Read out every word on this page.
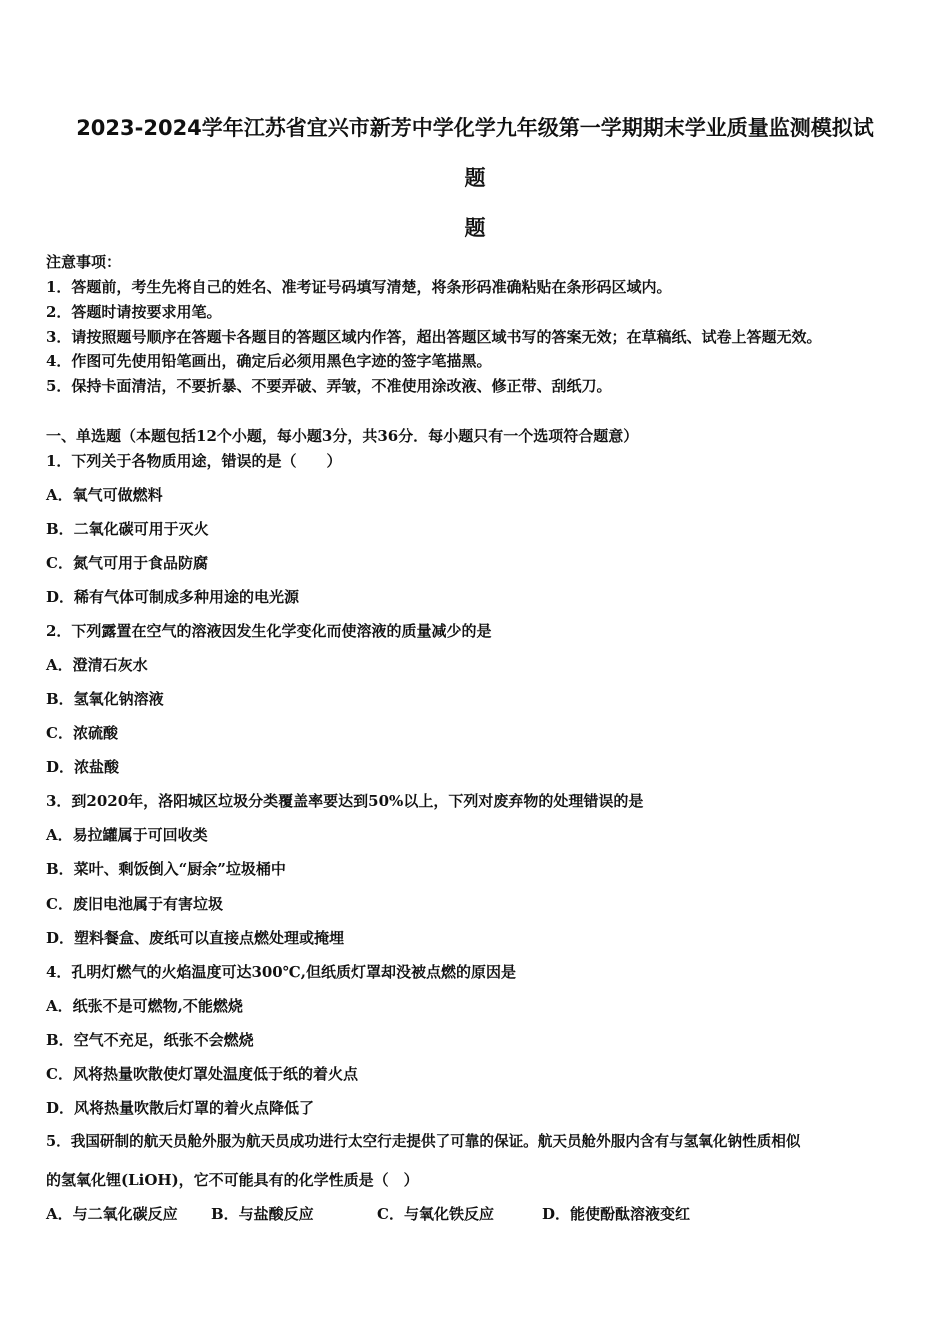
2023-2024学年江苏省宜兴市新芳中学化学九年级第一学期期末学业质量监测模拟试
题
题
注意事项：
1．答题前，考生先将自己的姓名、准考证号码填写清楚，将条形码准确粘贴在条形码区域内。
2．答题时请按要求用笔。
3．请按照题号顺序在答题卡各题目的答题区域内作答，超出答题区域书写的答案无效；在草稿纸、试卷上答题无效。
4．作图可先使用铅笔画出，确定后必须用黑色字迹的签字笔描黑。
5．保持卡面清洁，不要折暴、不要弄破、弄皱，不准使用涂改液、修正带、刮纸刀。
一、单选题（本题包括12个小题，每小题3分，共36分．每小题只有一个选项符合题意）
1．下列关于各物质用途，错误的是（　　）
A．氧气可做燃料
B．二氧化碳可用于灭火
C．氮气可用于食品防腐
D．稀有气体可制成多种用途的电光源
2．下列露置在空气的溶液因发生化学变化而使溶液的质量减少的是
A．澄清石灰水
B．氢氧化钠溶液
C．浓硫酸
D．浓盐酸
3．到2020年，洛阳城区垃圾分类覆盖率要达到50%以上，下列对废弃物的处理错误的是
A．易拉罐属于可回收类
B．菜叶、剩饭倒入“厨余”垃圾桶中
C．废旧电池属于有害垃圾
D．塑料餐盒、废纸可以直接点燃处理或掩埋
4．孔明灯燃气的火焰温度可达300℃,但纸质灯罩却没被点燃的原因是
A．纸张不是可燃物,不能燃烧
B．空气不充足，纸张不会燃烧
C．风将热量吹散使灯罩处温度低于纸的着火点
D．风将热量吹散后灯罩的着火点降低了
5．我国研制的航天员舱外服为航天员成功进行太空行走提供了可靠的保证。航天员舱外服内含有与氢氧化钠性质相似
的氢氧化锂(LiOH)，它不可能具有的化学性质是（　）
A．与二氧化碳反应 B．与盐酸反应	C．与氧化铁反应	D．能使酚酞溶液变红
